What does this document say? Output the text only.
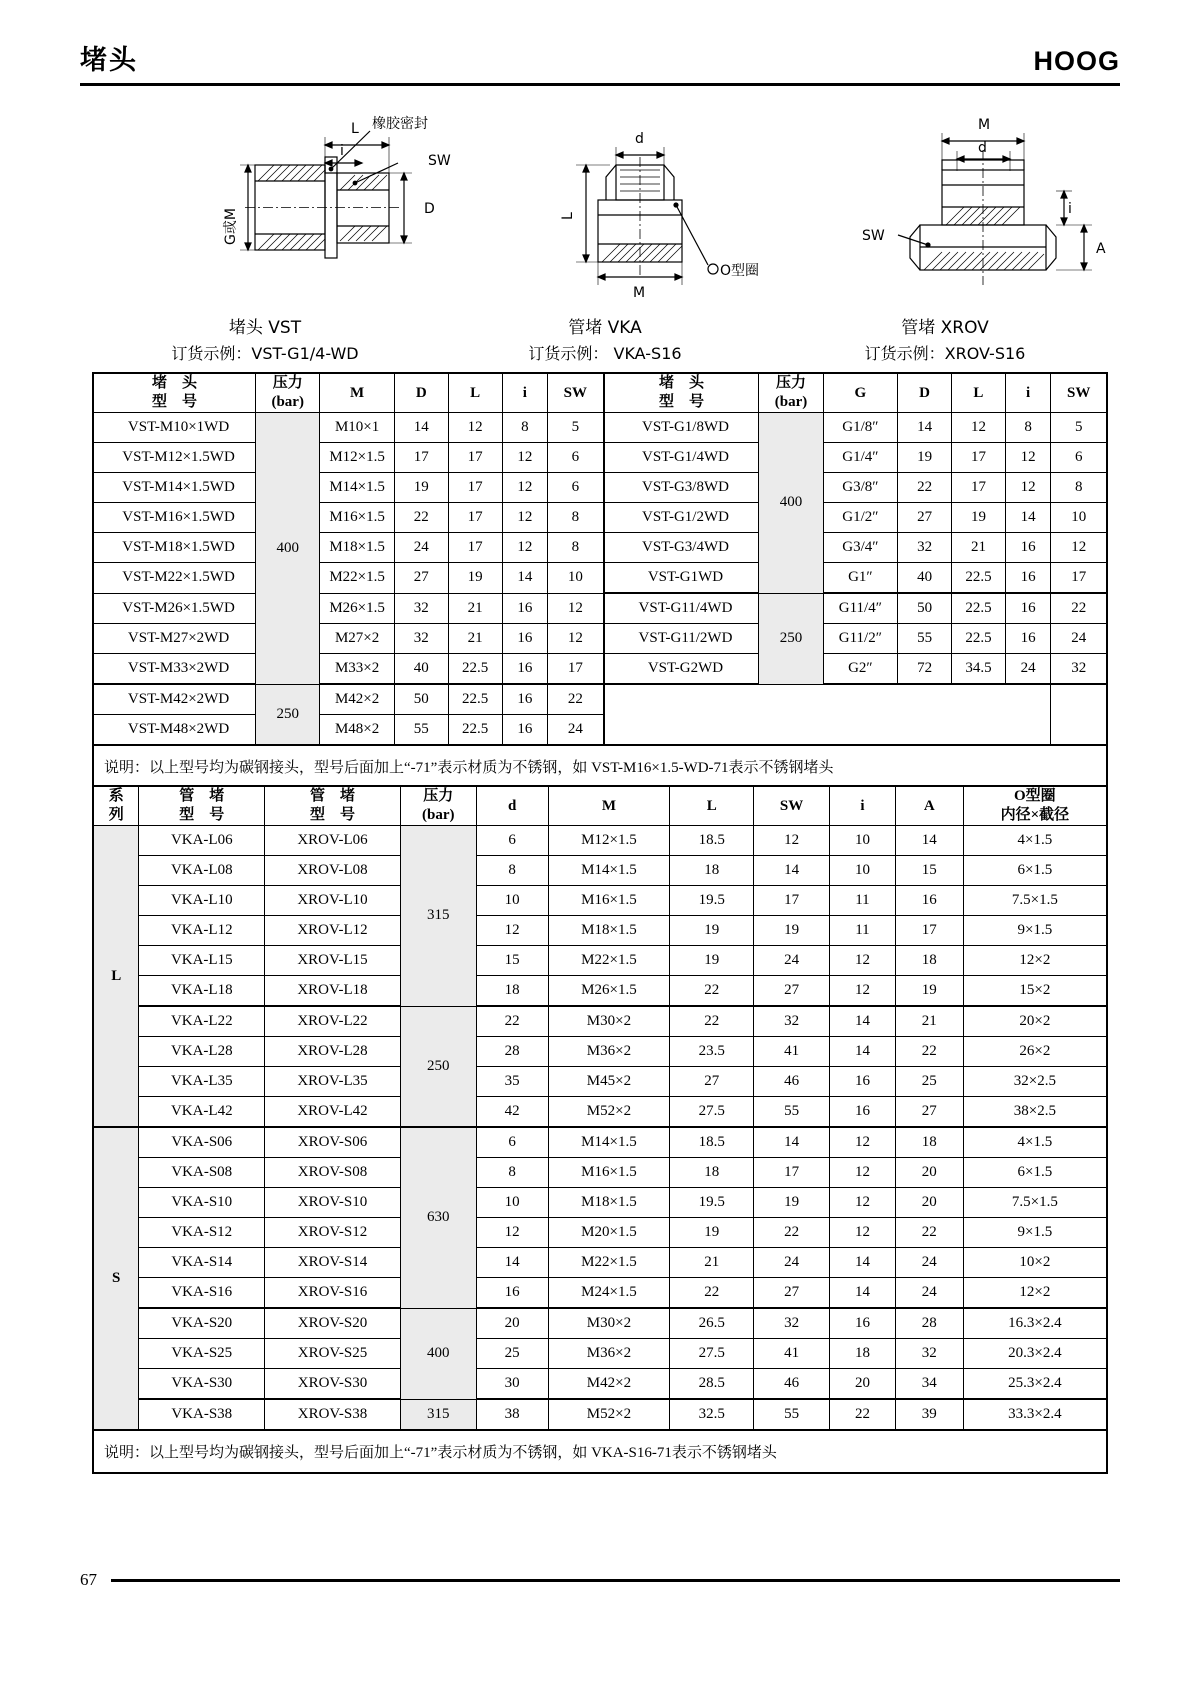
堵头	HOOG
L
i
SW
D
橡胶密封
G或M
d
L
M
O型圈
M
d
SW
i
A
堵头 VST
订货示例：VST-G1/4-WD
管堵 VKA
订货示例： VKA-S16
管堵 XROV
订货示例：XROV-S16
堵　头
型　号	压力
(bar)	M	D	L	i	SW	堵　头
型　号	压力
(bar)	G	D	L	i	SW
VST-M10×1WD	400	M10×1	14	12	8	5	VST-G1/8WD	400	G1/8″	14	12	8	5
VST-M12×1.5WD		M12×1.5	17	17	12	6	VST-G1/4WD		G1/4″	19	17	12	6
VST-M14×1.5WD		M14×1.5	19	17	12	6	VST-G3/8WD		G3/8″	22	17	12	8
VST-M16×1.5WD		M16×1.5	22	17	12	8	VST-G1/2WD		G1/2″	27	19	14	10
VST-M18×1.5WD		M18×1.5	24	17	12	8	VST-G3/4WD		G3/4″	32	21	16	12
VST-M22×1.5WD		M22×1.5	27	19	14	10	VST-G1WD		G1″	40	22.5	16	17
VST-M26×1.5WD		M26×1.5	32	21	16	12	VST-G11/4WD	250	G11/4″	50	22.5	16	22
VST-M27×2WD		M27×2	32	21	16	12	VST-G11/2WD		G11/2″	55	22.5	16	24
VST-M33×2WD		M33×2	40	22.5	16	17	VST-G2WD		G2″	72	34.5	24	32
VST-M42×2WD	250	M42×2	50	22.5	16	22							
VST-M48×2WD		M48×2	55	22.5	16	24							
说明：以上型号均为碳钢接头，型号后面加上“-71”表示材质为不锈钢，如 VST-M16×1.5-WD-71表示不锈钢堵头													
系
列	管　堵
型　号	管　堵
型　号	压力
(bar)	d	M	L	SW	i	A	O型圈
内径×截径
L	VKA-L06	XROV-L06	315	6	M12×1.5	18.5	12	10	14	4×1.5
	VKA-L08	XROV-L08		8	M14×1.5	18	14	10	15	6×1.5
	VKA-L10	XROV-L10		10	M16×1.5	19.5	17	11	16	7.5×1.5
	VKA-L12	XROV-L12		12	M18×1.5	19	19	11	17	9×1.5
	VKA-L15	XROV-L15		15	M22×1.5	19	24	12	18	12×2
	VKA-L18	XROV-L18		18	M26×1.5	22	27	12	19	15×2
	VKA-L22	XROV-L22	250	22	M30×2	22	32	14	21	20×2
	VKA-L28	XROV-L28		28	M36×2	23.5	41	14	22	26×2
	VKA-L35	XROV-L35		35	M45×2	27	46	16	25	32×2.5
	VKA-L42	XROV-L42		42	M52×2	27.5	55	16	27	38×2.5
S	VKA-S06	XROV-S06	630	6	M14×1.5	18.5	14	12	18	4×1.5
	VKA-S08	XROV-S08		8	M16×1.5	18	17	12	20	6×1.5
	VKA-S10	XROV-S10		10	M18×1.5	19.5	19	12	20	7.5×1.5
	VKA-S12	XROV-S12		12	M20×1.5	19	22	12	22	9×1.5
	VKA-S14	XROV-S14		14	M22×1.5	21	24	14	24	10×2
	VKA-S16	XROV-S16		16	M24×1.5	22	27	14	24	12×2
	VKA-S20	XROV-S20	400	20	M30×2	26.5	32	16	28	16.3×2.4
	VKA-S25	XROV-S25		25	M36×2	27.5	41	18	32	20.3×2.4
	VKA-S30	XROV-S30		30	M42×2	28.5	46	20	34	25.3×2.4
	VKA-S38	XROV-S38	315	38	M52×2	32.5	55	22	39	33.3×2.4
说明：以上型号均为碳钢接头，型号后面加上“-71”表示材质为不锈钢，如 VKA-S16-71表示不锈钢堵头										
67
